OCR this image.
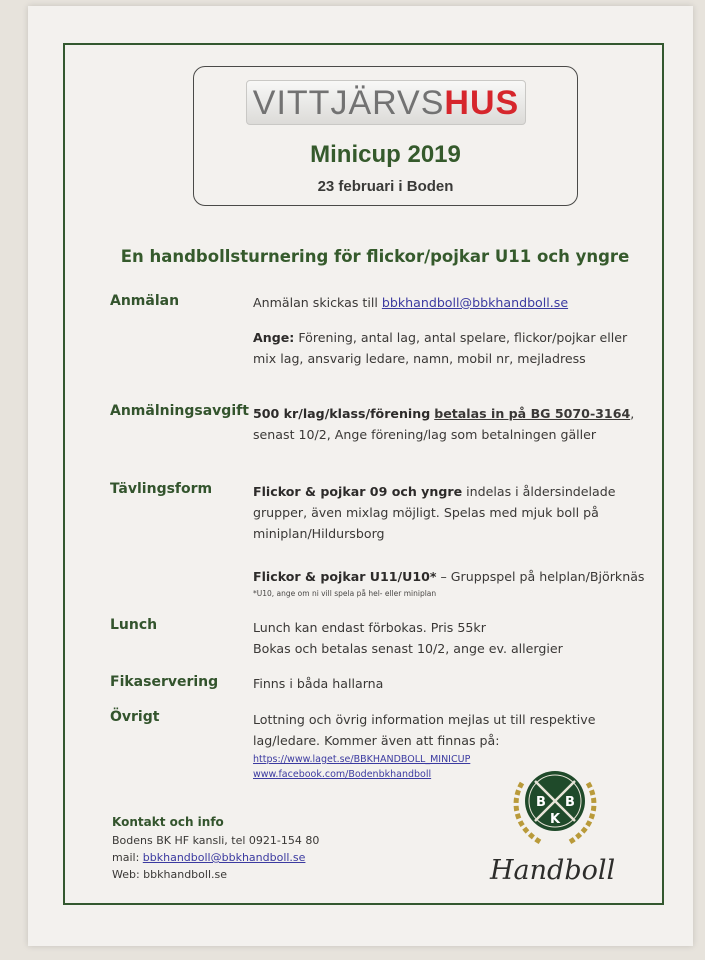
VITTJÄRVS HUS
Minicup 2019
23 februari i Boden
En handbollsturnering för flickor/pojkar U11 och yngre
Anmälan	Anmälan skickas till bbkhandboll@bbkhandboll.se
Ange: Förening, antal lag, antal spelare, flickor/pojkar eller
mix lag, ansvarig ledare, namn, mobil nr, mejladress
Anmälningsavgift 500 kr/lag/klass/förening betalas in på BG 5070-3164,
senast 10/2, Ange förening/lag som betalningen gäller
Tävlingsform	Flickor & pojkar 09 och yngre indelas i åldersindelade
grupper, även mixlag möjligt. Spelas med mjuk boll på
miniplan/Hildursborg
Flickor & pojkar U11/U10* – Gruppspel på helplan/Björknäs
*U10, ange om ni vill spela på hel- eller miniplan
Lunch	Lunch kan endast förbokas. Pris 55kr
Bokas och betalas senast 10/2, ange ev. allergier
Fikaservering	Finns i båda hallarna
Övrigt	Lottning och övrig information mejlas ut till respektive
lag/ledare. Kommer även att finnas på:
https://www.laget.se/BBKHANDBOLL_MINICUP
www.facebook.com/Bodenbkhandboll
Kontakt och info
Bodens BK HF kansli, tel 0921-154 80
mail: bbkhandboll@bbkhandboll.se
Web: bbkhandboll.se
B
K
B
Handboll
